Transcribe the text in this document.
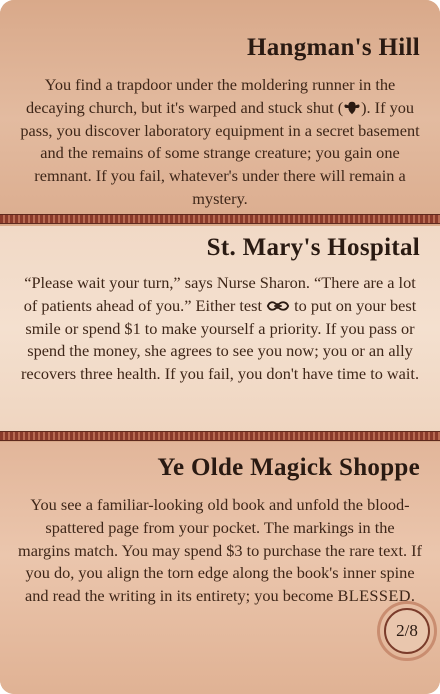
Hangman's Hill

You find a trapdoor under the moldering runner in the decaying church, but it's warped and stuck shut ( ). If you pass, you discover laboratory equipment in a secret basement and the remains of some strange creature; you gain one remnant. If you fail, whatever's under there will remain a mystery.

St. Mary's Hospital

“Please wait your turn,” says Nurse Sharon. “There are a lot of patients ahead of you.” Either test to put on your best smile or spend $1 to make yourself a priority. If you pass or spend the money, she agrees to see you now; you or an ally recovers three health. If you fail, you don't have time to wait.

Ye Olde Magick Shoppe

You see a familiar-looking old book and unfold the blood-spattered page from your pocket. The markings in the margins match. You may spend $3 to purchase the rare text. If you do, you align the torn edge along the book's inner spine and read the writing in its entirety; you become BLESSED.

2/8
